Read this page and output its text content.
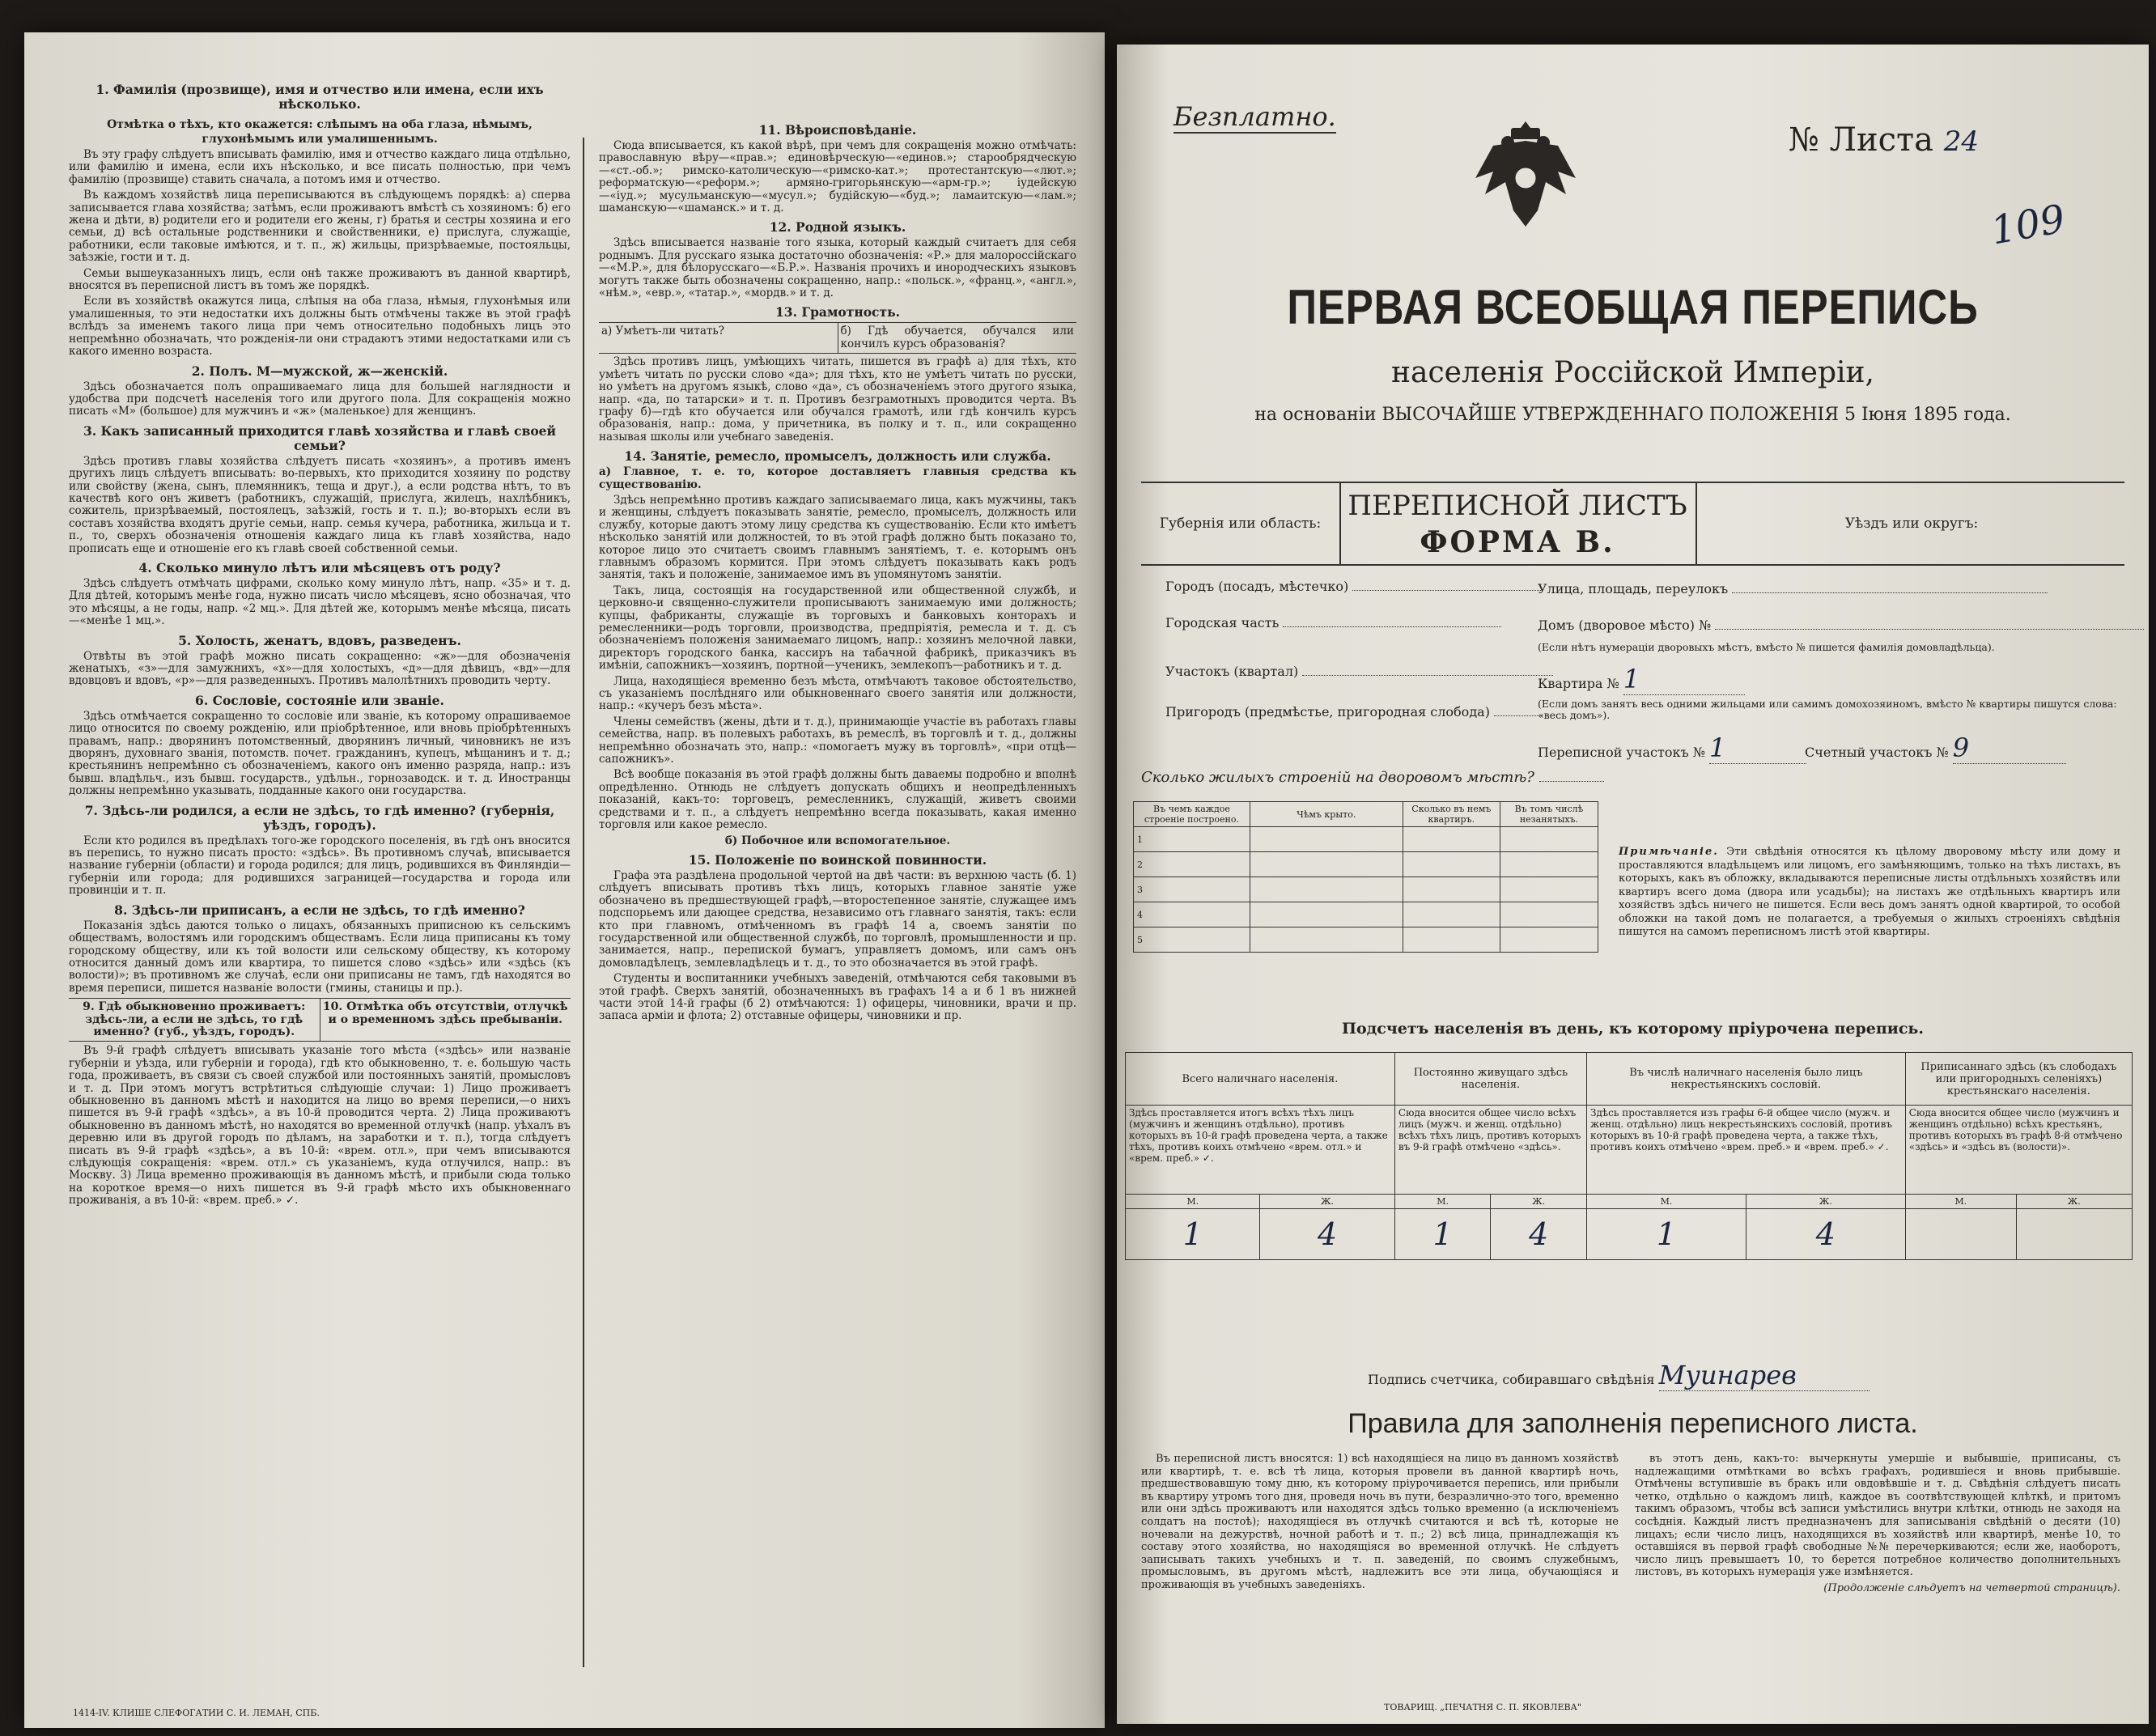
1. Фамилія (прозвище), имя и отчество или имена, если ихъ нѣсколько.
Отмѣтка о тѣхъ, кто окажется: слѣпымъ на оба глаза, нѣмымъ, глухонѣмымъ или умалишеннымъ.

Въ эту графу слѣдуетъ вписывать фамилію, имя и отчество каждаго лица отдѣльно, или фамилію и имена, если ихъ нѣсколько, и все писать полностью, при чемъ фамилію (прозвище) ставить сначала, а потомъ имя и отчество.

Въ каждомъ хозяйствѣ лица переписываются въ слѣдующемъ порядкѣ: а) сперва записывается глава хозяйства; затѣмъ, если проживаютъ вмѣстѣ съ хозяиномъ: б) его жена и дѣти, в) родители его и родители его жены, г) братья и сестры хозяина и его семьи, д) всѣ остальные родственники и свойственники, е) прислуга, служащіе, работники, если таковые имѣются, и т. п., ж) жильцы, призрѣваемые, постояльцы, заѣзжіе, гости и т. д.

Семьи вышеуказанныхъ лицъ, если онѣ также проживаютъ въ данной квартирѣ, вносятся въ переписной листъ въ томъ же порядкѣ.

Если въ хозяйствѣ окажутся лица, слѣпыя на оба глаза, нѣмыя, глухонѣмыя или умалишенныя, то эти недостатки ихъ должны быть отмѣчены также въ этой графѣ вслѣдъ за именемъ такого лица при чемъ относительно подобныхъ лицъ это непремѣнно обозначать, что рожденія-ли они страдаютъ этими недостатками или съ какого именно возраста.

2. Полъ. М—мужской, ж—женскій.

Здѣсь обозначается полъ опрашиваемаго лица для большей наглядности и удобства при подсчетѣ населенія того или другого пола. Для сокращенія можно писать «М» (большое) для мужчинъ и «ж» (маленькое) для женщинъ.

3. Какъ записанный приходится главѣ хозяйства и главѣ своей семьи?

Здѣсь противъ главы хозяйства слѣдуетъ писать «хозяинъ», а противъ именъ другихъ лицъ слѣдуетъ вписывать: во-первыхъ, кто приходится хозяину по родству или свойству (жена, сынъ, племянникъ, теща и друг.), а если родства нѣтъ, то въ качествѣ кого онъ живетъ (работникъ, служащій, прислуга, жилецъ, нахлѣбникъ, сожитель, призрѣваемый, постоялецъ, заѣзжій, гость и т. п.); во-вторыхъ если въ составъ хозяйства входятъ другіе семьи, напр. семья кучера, работника, жильца и т. п., то, сверхъ обозначенія отношенія каждаго лица къ главѣ хозяйства, надо прописать еще и отношеніе его къ главѣ своей собственной семьи.

4. Сколько минуло лѣтъ или мѣсяцевъ отъ роду?

Здѣсь слѣдуетъ отмѣчать цифрами, сколько кому минуло лѣтъ, напр. «35» и т. д. Для дѣтей, которымъ менѣе года, нужно писать число мѣсяцевъ, ясно обозначая, что это мѣсяцы, а не годы, напр. «2 мц.». Для дѣтей же, которымъ менѣе мѣсяца, писать—«менѣе 1 мц.».

5. Холость, женатъ, вдовъ, разведенъ.

Отвѣты въ этой графѣ можно писать сокращенно: «ж»—для обозначенія женатыхъ, «з»—для замужнихъ, «х»—для холостыхъ, «д»—для дѣвицъ, «вд»—для вдовцовъ и вдовъ, «р»—для разведенныхъ. Противъ малолѣтнихъ проводить черту.

6. Сословіе, состояніе или званіе.

Здѣсь отмѣчается сокращенно то сословіе или званіе, къ которому опрашиваемое лицо относится по своему рожденію, или пріобрѣтенное, или вновь пріобрѣтенныхъ правамъ, напр.: дворянинъ потомственный, дворянинъ личный, чиновникъ не изъ дворянъ, духовнаго званія, потомств. почет. гражданинъ, купецъ, мѣщанинъ и т. д.; крестьянинъ непремѣнно съ обозначеніемъ, какого онъ именно разряда, напр.: изъ бывш. владѣльч., изъ бывш. государств., удѣльн., горнозаводск. и т. д. Иностранцы должны непремѣнно указывать, подданные какого они государства.

7. Здѣсь-ли родился, а если не здѣсь, то гдѣ именно? (губернія, уѣздъ, городъ).

Если кто родился въ предѣлахъ того-же городского поселенія, въ гдѣ онъ вносится въ перепись, то нужно писать просто: «здѣсь». Въ противномъ случаѣ, вписывается название губерніи (области) и города родился; для лицъ, родившихся въ Финляндіи—губерніи или города; для родившихся заграницей—государства и города или провинціи и т. п.

8. Здѣсь-ли приписанъ, а если не здѣсь, то гдѣ именно?

Показанія здѣсь даются только о лицахъ, обязанныхъ приписною къ сельскимъ обществамъ, волостямъ или городскимъ обществамъ. Если лица приписаны къ тому городскому обществу, или къ той волости или сельскому обществу, къ которому относится данный домъ или квартира, то пишется слово «здѣсь» или «здѣсь (къ волости)»; въ противномъ же случаѣ, если они приписаны не тамъ, гдѣ находятся во время переписи, пишется названіе волости (гмины, станицы и пр.).

9. Гдѣ обыкновенно проживаетъ: здѣсь-ли, а если не здѣсь, то гдѣ именно? (губ., уѣздъ, городъ).
10. Отмѣтка объ отсутствіи, отлучкѣ и о временномъ здѣсь пребываніи.

Въ 9-й графѣ слѣдуетъ вписывать указаніе того мѣста («здѣсь» или названіе губерніи и уѣзда, или губерніи и города), гдѣ кто обыкновенно, т. е. большую часть года, проживаетъ, въ связи съ своей службой или постоянныхъ занятій, промысловъ и т. д. При этомъ могутъ встрѣтиться слѣдующіе случаи: 1) Лицо проживаетъ обыкновенно въ данномъ мѣстѣ и находится на лицо во время переписи,—о нихъ пишется въ 9-й графѣ «здѣсь», а въ 10-й проводится черта. 2) Лица проживаютъ обыкновенно въ данномъ мѣстѣ, но находятся во временной отлучкѣ (напр. уѣхалъ въ деревню или въ другой городъ по дѣламъ, на заработки и т. п.), тогда слѣдуетъ писать въ 9-й графѣ «здѣсь», а въ 10-й: «врем. отл.», при чемъ вписываются слѣдующія сокращенія: «врем. отл.» съ указаніемъ, куда отлучился, напр.: въ Москву. 3) Лица временно проживающія въ данномъ мѣстѣ, и прибыли сюда только на короткое время—о нихъ пишется въ 9-й графѣ мѣсто ихъ обыкновеннаго проживанія, а въ 10-й: «врем. преб.» ✓.

11. Вѣроисповѣданіе.

Сюда вписывается, къ какой вѣрѣ, при чемъ для сокращенія можно отмѣчать: православную вѣру—«прав.»; единовѣрческую—«единов.»; старообрядческую—«ст.-об.»; римско-католическую—«римско-кат.»; протестантскую—«лют.»; реформатскую—«реформ.»; армяно-григорьянскую—«арм-гр.»; іудейскую—«іуд.»; мусульманскую—«мусул.»; будійскую—«буд.»; ламаитскую—«лам.»; шаманскую—«шаманск.» и т. д.

12. Родной языкъ.

Здѣсь вписывается названіе того языка, который каждый считаетъ для себя роднымъ. Для русскаго языка достаточно обозначенія: «Р.» для малороссійскаго—«М.Р.», для бѣлорусскаго—«Б.Р.». Названія прочихъ и инородческихъ языковъ могутъ также быть обозначены сокращенно, напр.: «польск.», «франц.», «англ.», «нѣм.», «евр.», «татар.», «мордв.» и т. д.

13. Грамотность.
а) Умѣетъ-ли читать?	б) Гдѣ обучается, обучался или кончилъ курсъ образованія?

Здѣсь противъ лицъ, умѣющихъ читать, пишется въ графѣ а) для тѣхъ, кто умѣетъ читать по русски слово «да»; для тѣхъ, кто не умѣетъ читать по русски, но умѣетъ на другомъ языкѣ, слово «да», съ обозначеніемъ этого другого языка, напр. «да, по татарски» и т. п. Противъ безграмотныхъ проводится черта. Въ графу б)—гдѣ кто обучается или обучался грамотѣ, или гдѣ кончилъ курсъ образованія, напр.: дома, у причетника, въ полку и т. п., или сокращенно называя школы или учебнаго заведенія.

14. Занятіе, ремесло, промыселъ, должность или служба.

а) Главное, т. е. то, которое доставляетъ главныя средства къ существованію.

Здѣсь непремѣнно противъ каждаго записываемаго лица, какъ мужчины, такъ и женщины, слѣдуетъ показывать занятіе, ремесло, промыселъ, должность или службу, которые даютъ этому лицу средства къ существованію. Если кто имѣетъ нѣсколько занятій или должностей, то въ этой графѣ должно быть показано то, которое лицо это считаетъ своимъ главнымъ занятіемъ, т. е. которымъ онъ главнымъ образомъ кормится. При этомъ слѣдуетъ показывать какъ родъ занятія, такъ и положеніе, занимаемое имъ въ упомянутомъ занятіи.

Такъ, лица, состоящія на государственной или общественной службѣ, и церковно-и священно-служители прописываютъ занимаемую ими должность; купцы, фабриканты, служащіе въ торговыхъ и банковыхъ конторахъ и ремесленники—родъ торговли, производства, предпріятія, ремесла и т. д. съ обозначеніемъ положенія занимаемаго лицомъ, напр.: хозяинъ мелочной лавки, директоръ городского банка, кассиръ на табачной фабрикѣ, приказчикъ въ имѣніи, сапожникъ—хозяинъ, портной—ученикъ, землекопъ—работникъ и т. д.

Лица, находящіеся временно безъ мѣста, отмѣчаютъ таковое обстоятельство, съ указаніемъ послѣдняго или обыкновеннаго своего занятія или должности, напр.: «кучеръ безъ мѣста».

Члены семействъ (жены, дѣти и т. д.), принимающіе участіе въ работахъ главы семейства, напр. въ полевыхъ работахъ, въ ремеслѣ, въ торговлѣ и т. д., должны непремѣнно обозначать это, напр.: «помогаетъ мужу въ торговлѣ», «при отцѣ—сапожникъ».

Всѣ вообще показанія въ этой графѣ должны быть даваемы подробно и вполнѣ опредѣленно. Отнюдь не слѣдуетъ допускать общихъ и неопредѣленныхъ показаній, какъ-то: торговецъ, ремесленникъ, служащій, живетъ своими средствами и т. п., а слѣдуетъ непремѣнно всегда показывать, какая именно торговля или какое ремесло.

б) Побочное или вспомогательное.

15. Положеніе по воинской повинности.

Графа эта раздѣлена продольной чертой на двѣ части: въ верхнюю часть (б. 1) слѣдуетъ вписывать противъ тѣхъ лицъ, которыхъ главное занятіе уже обозначено въ предшествующей графѣ,—второстепенное занятіе, служащее имъ подспорьемъ или дающее средства, независимо отъ главнаго занятія, такъ: если кто при главномъ, отмѣченномъ въ графѣ 14 а, своемъ занятіи по государственной или общественной службѣ, по торговлѣ, промышленности и пр. занимается, напр., перепиской бумагъ, управляетъ домомъ, или самъ онъ домовладѣлецъ, землевладѣлецъ и т. д., то это обозначается въ этой графѣ.

Студенты и воспитанники учебныхъ заведеній, отмѣчаются себя таковыми въ этой графѣ. Сверхъ занятій, обозначенныхъ въ графахъ 14 а и б 1 въ нижней части этой 14-й графы (б 2) отмѣчаются: 1) офицеры, чиновники, врачи и пр. запаса армiи и флота; 2) отставные офицеры, чиновники и пр.

1414-IV. КЛИШЕ СЛЕФОГАТИИ С. И. ЛЕМАН, СПБ.
Безплатно.
№ Листа 24
109
ПЕРВАЯ ВСЕОБЩАЯ ПЕРЕПИСЬ
населенія Россійской Имперіи,
на основаніи ВЫСОЧАЙШЕ УТВЕРЖДЕННАГО ПОЛОЖЕНІЯ 5 Іюня 1895 года.
Губернія или область:
ПЕРЕПИСНОЙ ЛИСТЪ
ФОРМА В.
Уѣздъ или округъ:
Городъ (посадъ, мѣстечко)	Улица, площадь, переулокъ
Городская часть	Домъ (дворовое мѣсто) №
(Если нѣтъ нумераціи дворовыхъ мѣстъ, вмѣсто № пишется фамилія домовладѣльца).
Участокъ (квартал)
Квартира № 1
Пригородъ (предмѣстье, пригородная слобода)
(Если домъ занятъ весь одними жильцами или самимъ домохозяиномъ, вмѣсто № квартиры пишутся слова: «весь домъ»).
Переписной участокъ № 1	Счетный участокъ № 9
Сколько жилыхъ строеній на дворовомъ мѣстѣ?
Въ чемъ каждое строеніе построено.	Чѣмъ крыто.	Сколько въ немъ квартиръ.	Въ томъ числѣ незанятыхъ.
1			
2			
3			
4			
5			
Примѣчаніе. Эти свѣдѣнія относятся къ цѣлому дворовому мѣсту или дому и проставляются владѣльцемъ или лицомъ, его замѣняющимъ, только на тѣхъ листахъ, въ которыхъ, какъ въ обложку, вкладываются переписные листы отдѣльныхъ хозяйствъ или квартиръ всего дома (двора или усадьбы); на листахъ же отдѣльныхъ квартиръ или хозяйствъ здѣсь ничего не пишется. Если весь домъ занятъ одной квартирой, то особой обложки на такой домъ не полагается, а требуемыя о жилыхъ строеніяхъ свѣдѣнія пишутся на самомъ переписномъ листѣ этой квартиры.
Подсчетъ населенія въ день, къ которому пріурочена перепись.
Всего наличнаго населенія.		Постоянно живущаго здѣсь населенія.		Въ числѣ наличнаго населенія было лицъ некрестьянскихъ сословій.		Приписаннаго здѣсь (къ слободахъ или пригородныхъ селеніяхъ) крестьянскаго населенія.	
Здѣсь проставляется итогъ всѣхъ тѣхъ лицъ (мужчинъ и женщинъ отдѣльно), противъ которыхъ въ 10-й графѣ проведена черта, а также тѣхъ, противъ коихъ отмѣчено «врем. отл.» и «врем. преб.» ✓.		Сюда вносится общее число всѣхъ лицъ (мужч. и женщ. отдѣльно) всѣхъ тѣхъ лицъ, противъ которыхъ въ 9-й графѣ отмѣчено «здѣсь».		Здѣсь проставляется изъ графы 6-й общее число (мужч. и женщ. отдѣльно) лицъ некрестьянскихъ сословій, противъ которыхъ въ 10-й графѣ проведена черта, а также тѣхъ, противъ коихъ отмѣчено «врем. преб.» и «врем. преб.» ✓.		Сюда вносится общее число (мужчинъ и женщинъ отдѣльно) всѣхъ крестьянъ, противъ которыхъ въ графѣ 8-й отмѣчено «здѣсь» и «здѣсь въ (волости)».	
М.	Ж.	М.	Ж.	М.	Ж.	М.	Ж.
1	4	1	4	1	4		
Подпись счетчика, собиравшаго свѣдѣнія Муинарев
Правила для заполненія переписного листа.

Въ переписной листъ вносятся: 1) всѣ находящіеся на лицо въ данномъ хозяйствѣ или квартирѣ, т. е. всѣ тѣ лица, которыя провели въ данной квартирѣ ночь, предшествовавшую тому дню, къ которому пріурочивается перепись, или прибыли въ квартиру утромъ того дня, проведя ночь въ пути, безразлично-это того, временно или они здѣсь проживаютъ или находятся здѣсь только временно (а исключеніемъ солдатъ на постоѣ); находящіеся въ отлучкѣ считаются и всѣ тѣ, которые не ночевали на дежурствѣ, ночной работѣ и т. п.; 2) всѣ лица, принадлежащія къ составу этого хозяйства, но находящіяся во временной отлучкѣ. Не слѣдуетъ записывать такихъ учебныхъ и т. п. заведеній, по своимъ служебнымъ, промысловымъ, въ другомъ мѣстѣ, надлежитъ все эти лица, обучающіяся и проживающія въ учебныхъ заведеніяхъ.

въ этотъ день, какъ-то: вычеркнуты умершіе и выбывшіе, приписаны, съ надлежащими отмѣтками во всѣхъ графахъ, родившіеся и вновь прибывшіе. Отмѣчены вступившіе въ бракъ или овдовѣвшіе и т. д. Свѣдѣнія слѣдуетъ писать четко, отдѣльно о каждомъ лицѣ, каждое въ соотвѣтствующей клѣткѣ, и притомъ такимъ образомъ, чтобы всѣ записи умѣстились внутри клѣтки, отнюдь не заходя на сосѣднія. Каждый листъ предназначенъ для записыванія свѣдѣній о десяти (10) лицахъ; если число лицъ, находящихся въ хозяйствѣ или квартирѣ, менѣе 10, то оставшіяся въ первой графѣ свободные №№ перечеркиваются; если же, наоборотъ, число лицъ превышаетъ 10, то берется потребное количество дополнительныхъ листовъ, въ которыхъ нумерація уже измѣняется.

(Продолженіе слѣдуетъ на четвертой страницѣ).

ТОВАРИЩ. „ПЕЧАТНЯ С. П. ЯКОВЛЕВА"
